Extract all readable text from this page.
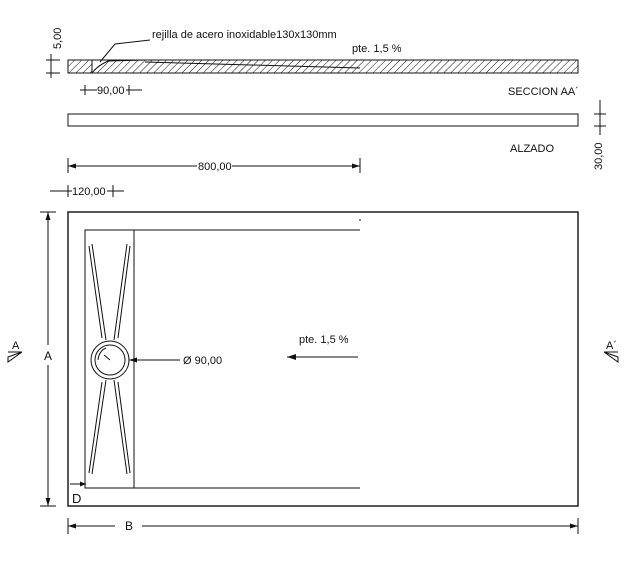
rejilla de acero inoxidable130x130mm
pte. 1,5 %
SECCION AA´
5,00
90,00
ALZADO	30,00
800,00
120,00
Ø 90,00
pte. 1,5 %
D
A	A´
A
B
